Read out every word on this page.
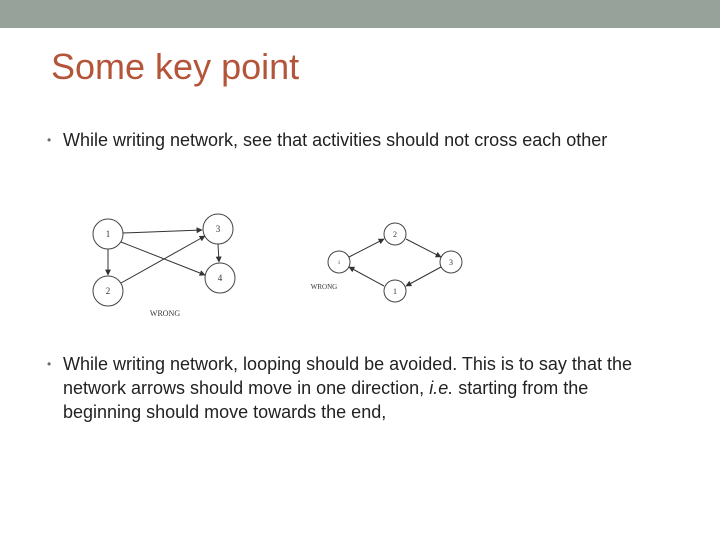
Some key point
• While writing network, see that activities should not cross each other
1	3
2
4
WRONG
1
2
3
1
WRONG
• While writing network, looping should be avoided. This is to say that the network arrows should move in one direction, i.e. starting from the beginning should move towards the end,
